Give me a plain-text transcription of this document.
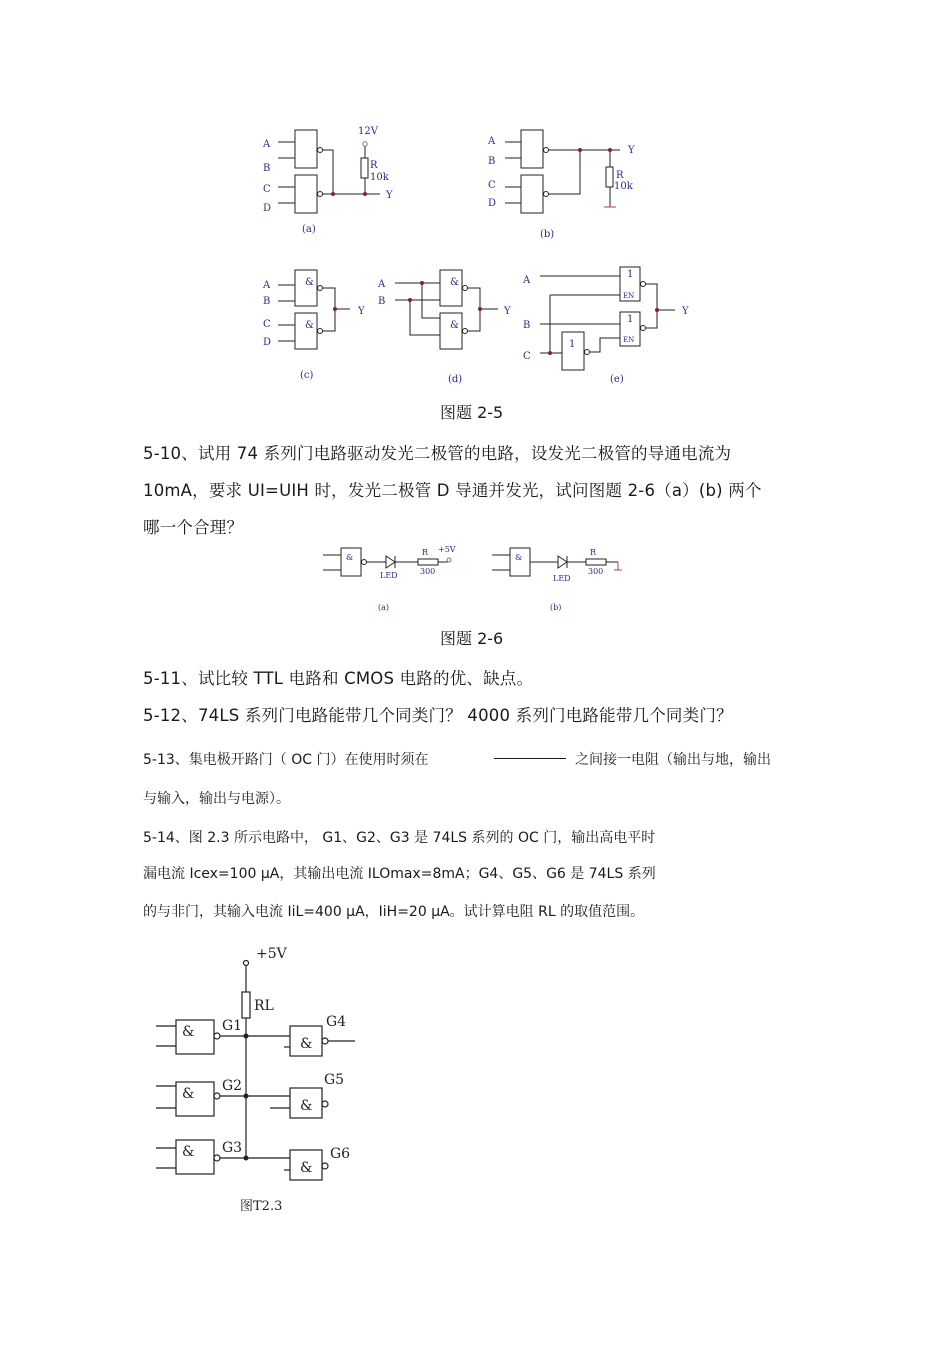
A
B
C
D
12V
R
10k
Y
(a)
A
B
C
D
R
10k
Y
(b)
A
B
C
D
&
&
Y
(c)
A
B
&
&
Y
(d)
A
B
C
1
EN
1
EN
1
Y
(e)
图题 2-5
5-10、试用 74 系列门电路驱动发光二极管的电路，设发光二极管的导通电流为
10mA，要求 UI=UIH 时，发光二极管 D 导通并发光，试问图题 2-6（a）(b) 两个
哪一个合理？
&
LED
R
300
+5V
(a)
&
LED
R
300
(b)
图题 2-6
5-11、试比较 TTL 电路和 CMOS 电路的优、缺点。
5-12、74LS 系列门电路能带几个同类门？ 4000 系列门电路能带几个同类门？
5-13、集电极开路门（ OC 门）在使用时须在	之间接一电阻（输出与地，输出
与输入，输出与电源）。
5-14、图 2.3 所示电路中， G1、G2、G3 是 74LS 系列的 OC 门，输出高电平时
漏电流 Icex=100 μA，其输出电流 ILOmax=8mA；G4、G5、G6 是 74LS 系列
的与非门，其输入电流 IiL=400 μA，IiH=20 μA。试计算电阻 RL 的取值范围。
+5V
RL
&
&
&
&
&
&
G1
G2
G3
G4
G5
G6
图T2.3
